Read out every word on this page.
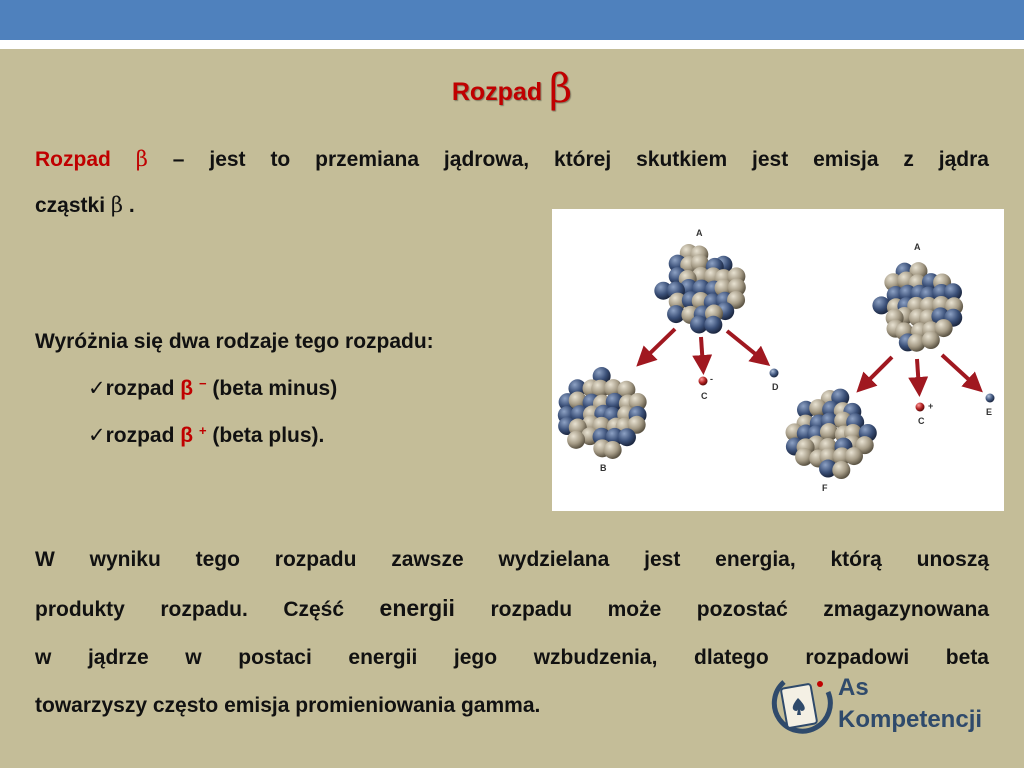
Rozpad β
Rozpad β – jest to przemiana jądrowa, której skutkiem jest emisja z jądra
cząstki β .
Wyróżnia się dwa rodzaje tego rozpadu:
✓rozpad β − (beta minus)
✓rozpad β + (beta plus).
A
A
B
C
-
D
C
+
E
F
W wyniku tego rozpadu zawsze wydzielana jest energia, którą unoszą
produkty rozpadu. Część energii rozpadu może pozostać zmagazynowana
w jądrze w postaci energii jego wzbudzenia, dlatego rozpadowi beta
towarzyszy często emisja promieniowania gamma.
As
Kompetencji
